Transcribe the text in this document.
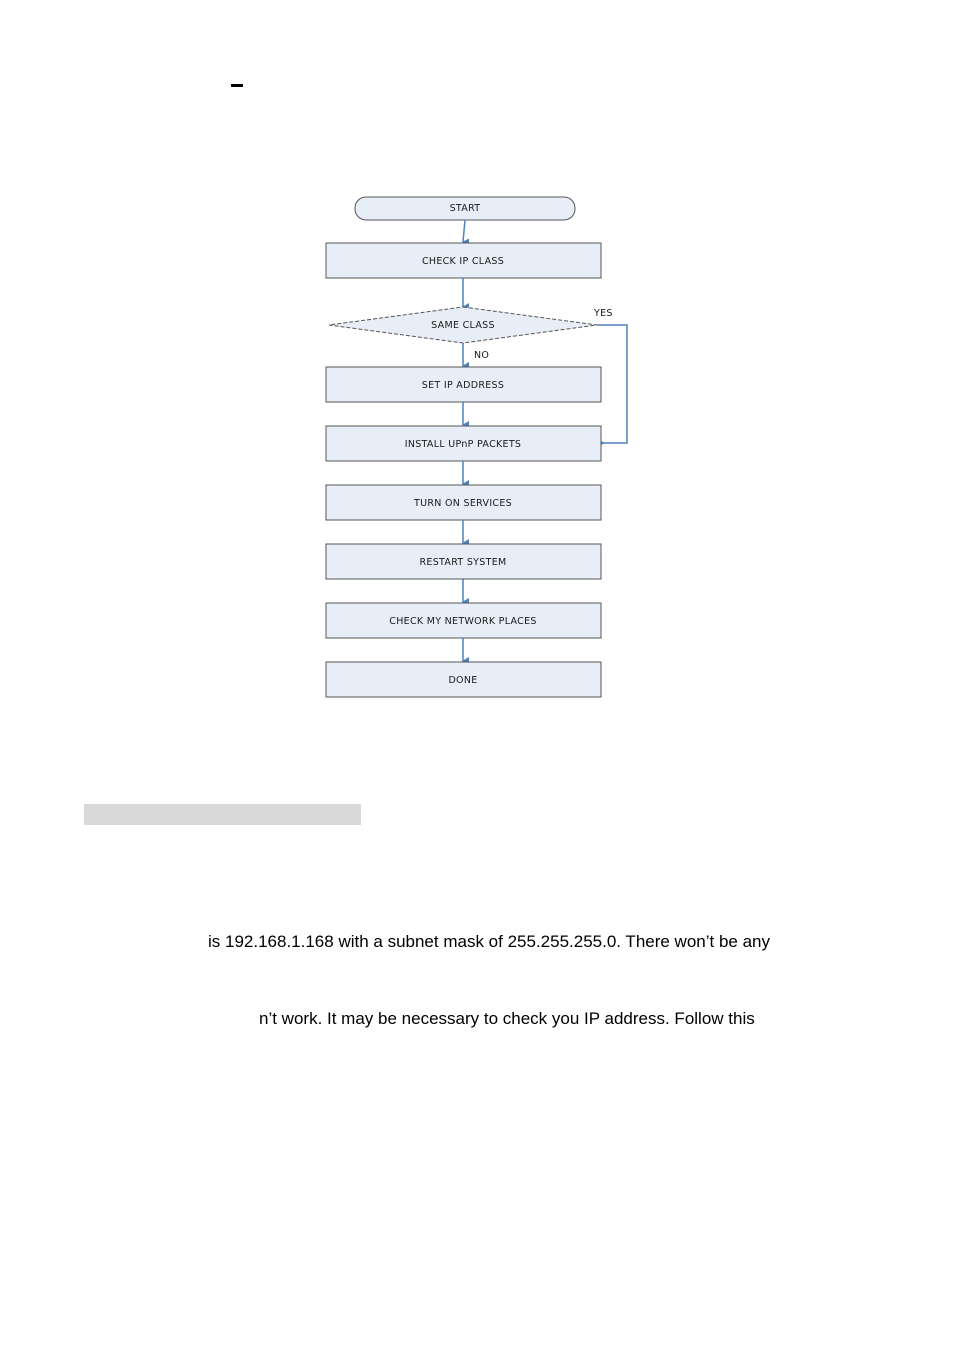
START
CHECK IP CLASS
SAME CLASS
YES
NO
SET IP ADDRESS
INSTALL UPnP PACKETS
TURN ON SERVICES
RESTART SYSTEM
CHECK MY NETWORK PLACES
DONE
is 192.168.1.168 with a subnet mask of 255.255.255.0. There won’t be any
n’t work. It may be necessary to check you IP address. Follow this
